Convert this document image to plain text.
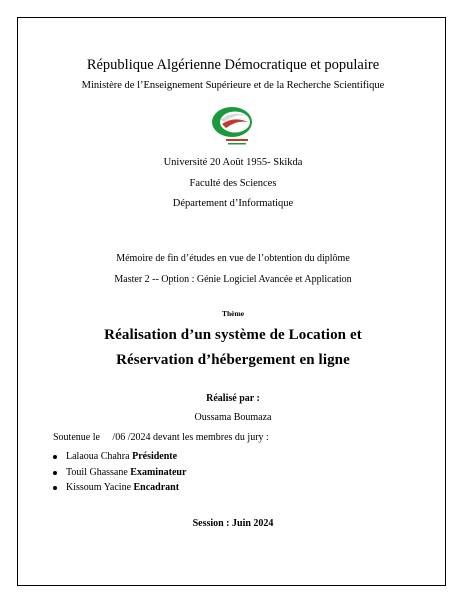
République Algérienne Démocratique et populaire
Ministère de l’Enseignement Supérieure et de la Recherche Scientifique
Université 20 Août 1955- Skikda
Faculté des Sciences
Département d’Informatique
Mémoire de fin d’études en vue de l’obtention du diplôme
Master 2 -- Option : Génie Logiciel Avancée et Application
Thème
Réalisation d’un système de Location et
Réservation d’hébergement en ligne
Réalisé par :
Oussama Boumaza
Soutenue le     /06 /2024 devant les membres du jury :
Lalaoua Chahra Présidente
Touil Ghassane Examinateur
Kissoum Yacine Encadrant
Session : Juin 2024
